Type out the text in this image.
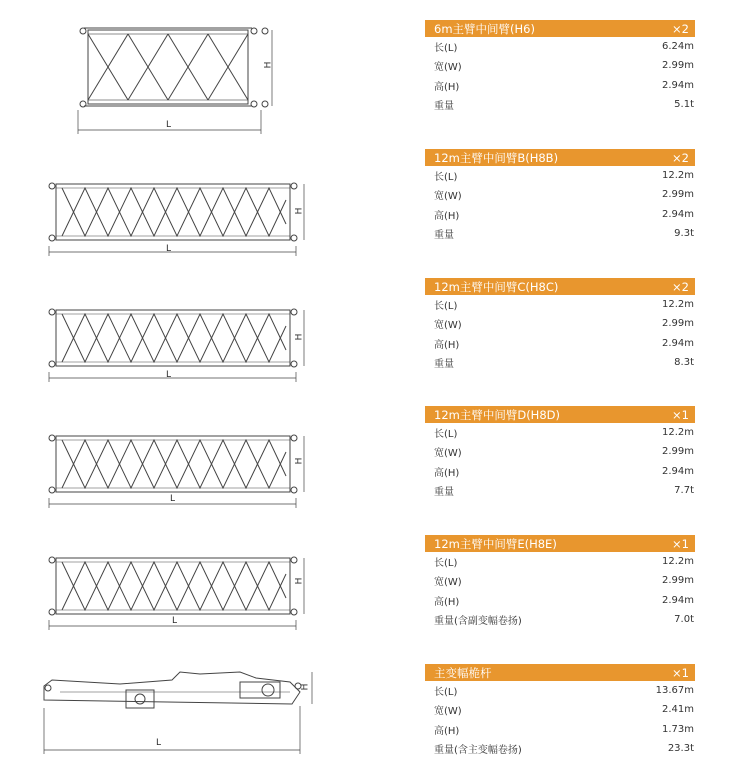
L
H
L
H
L
H
L
H
L
H
L
H
6m主臂中间臂(H6)	×2
长(L)	6.24m
宽(W)	2.99m
高(H)	2.94m
重量	5.1t
12m主臂中间臂B(H8B)	×2
长(L)	12.2m
宽(W)	2.99m
高(H)	2.94m
重量	9.3t
12m主臂中间臂C(H8C)	×2
长(L)	12.2m
宽(W)	2.99m
高(H)	2.94m
重量	8.3t
12m主臂中间臂D(H8D)	×1
长(L)	12.2m
宽(W)	2.99m
高(H)	2.94m
重量	7.7t
12m主臂中间臂E(H8E)	×1
长(L)	12.2m
宽(W)	2.99m
高(H)	2.94m
重量(含副变幅卷扬)	7.0t
主变幅桅杆	×1
长(L)	13.67m
宽(W)	2.41m
高(H)	1.73m
重量(含主变幅卷扬)	23.3t
